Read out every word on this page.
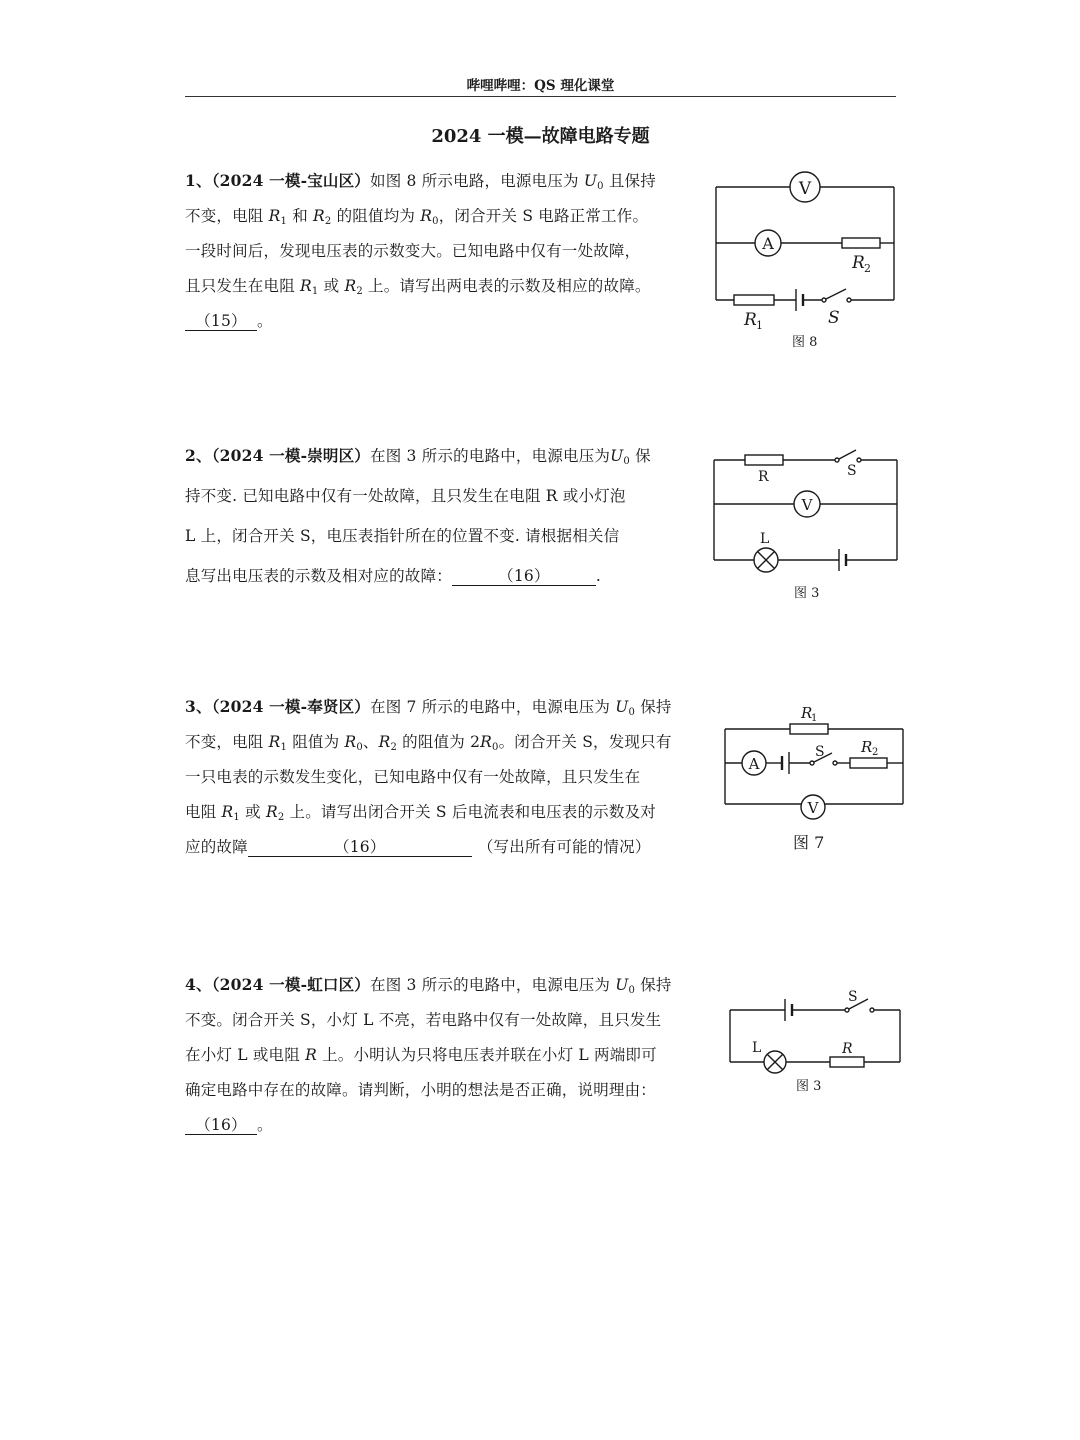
哔哩哔哩：QS 理化课堂
2024 一模—故障电路专题

1、（2024 一模-宝山区）如图 8 所示电路，电源电压为 $U_0$ 且保持

不变，电阻 $R_1$ 和 $R_2$ 的阻值均为 $R_0$，闭合开关 S 电路正常工作。

一段时间后，发现电压表的示数变大。已知电路中仅有一处故障，

且只发生在电阻 $R_1$ 或 $R_2$ 上。请写出两电表的示数及相应的故障。

（15） 。

V
A
R 2
R 1	S
图 8

2、（2024 一模-崇明区）在图 3 所示的电路中，电源电压为$U_0$ 保

持不变. 已知电路中仅有一处故障，且只发生在电阻 R 或小灯泡

L 上，闭合开关 S，电压表指针所在的位置不变. 请根据相关信

息写出电压表的示数及相对应的故障：	（16）	.

R	S
V
L
图 3

3、（2024 一模-奉贤区）在图 7 所示的电路中，电源电压为 $U_0$ 保持

不变，电阻 $R_1$ 阻值为 $R_0$、$R_2$ 的阻值为 $2R_0$。闭合开关 S，发现只有

一只电表的示数发生变化，已知电路中仅有一处故障，且只发生在

电阻 $R_1$ 或 $R_2$ 上。请写出闭合开关 S 后电流表和电压表的示数及对

应的故障	（16）	（写出所有可能的情况）

R
1
A
S R 2
V
图 7

4、（2024 一模-虹口区）在图 3 所示的电路中，电源电压为 $U_0$ 保持

不变。闭合开关 S，小灯 L 不亮，若电路中仅有一处故障，且只发生

在小灯 L 或电阻 R 上。小明认为只将电压表并联在小灯 L 两端即可

确定电路中存在的故障。请判断，小明的想法是否正确，说明理由：

（16） 。

S
L	R
图 3
